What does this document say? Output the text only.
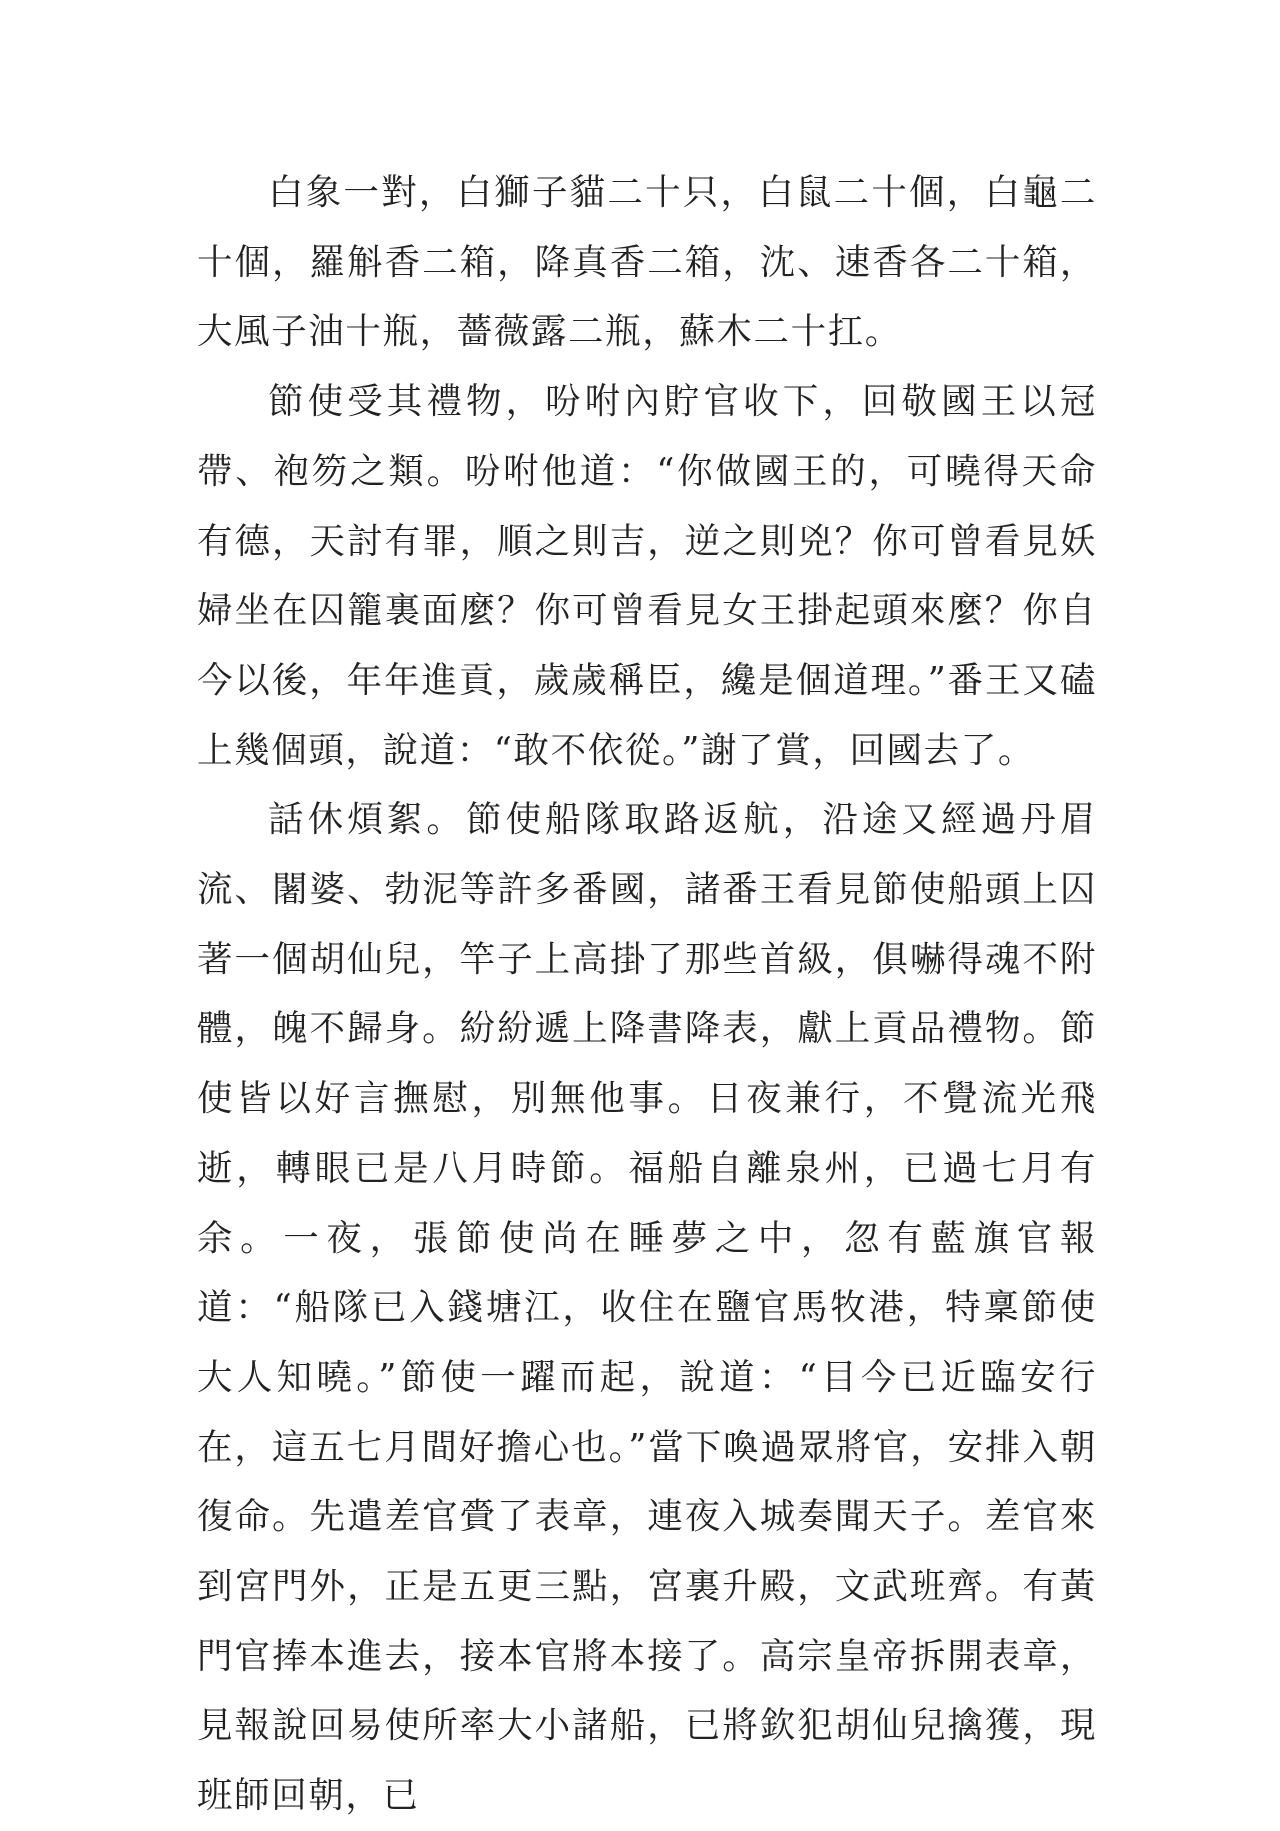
白象一對，白獅子貓二十只，白鼠二十個，白龜二十個，羅斛香二箱，降真香二箱，沈、速香各二十箱，大風子油十瓶，薔薇露二瓶，蘇木二十扛。

節使受其禮物，吩咐內貯官收下，回敬國王以冠帶、袍笏之類。吩咐他道：“你做國王的，可曉得天命有德，天討有罪，順之則吉，逆之則兇？你可曾看見妖婦坐在囚籠裏面麼？你可曾看見女王掛起頭來麼？你自今以後，年年進貢，歲歲稱臣，纔是個道理。”番王又磕上幾個頭，說道：“敢不依從。”謝了賞，回國去了。

話休煩絮。節使船隊取路返航，沿途又經過丹眉流、闍婆、勃泥等許多番國，諸番王看見節使船頭上囚著一個胡仙兒，竿子上高掛了那些首級，俱嚇得魂不附體，魄不歸身。紛紛遞上降書降表，獻上貢品禮物。節使皆以好言撫慰，別無他事。日夜兼行，不覺流光飛逝，轉眼已是八月時節。福船自離泉州，已過七月有余。一夜，張節使尚在睡夢之中，忽有藍旗官報道：“船隊已入錢塘江，收住在鹽官馬牧港，特稟節使大人知曉。”節使一躍而起，說道：“目今已近臨安行在，這五七月間好擔心也。”當下喚過眾將官，安排入朝復命。先遣差官賫了表章，連夜入城奏聞天子。差官來到宮門外，正是五更三點，宮裏升殿，文武班齊。有黃門官捧本進去，接本官將本接了。高宗皇帝拆開表章，見報說回易使所率大小諸船，已將欽犯胡仙兒擒獲，現班師回朝，已
